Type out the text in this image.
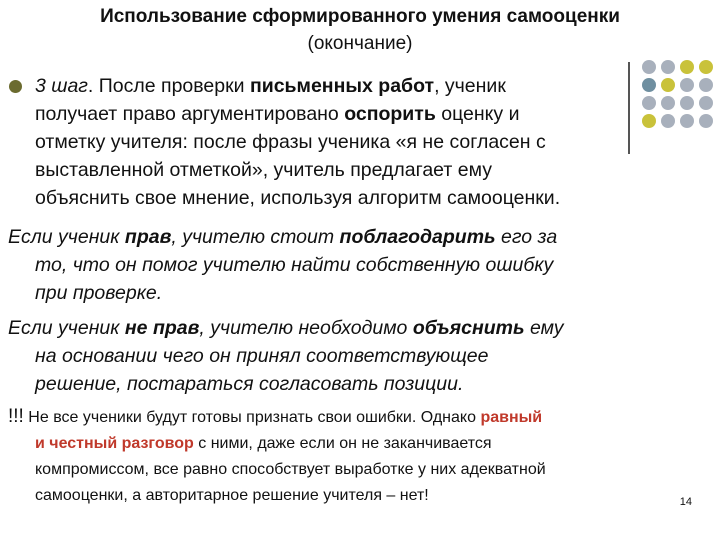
Использование сформированного умения самооценки
(окончание)

3 шаг. После проверки письменных работ, ученик
получает право аргументировано оспорить оценку и
отметку учителя: после фразы ученика «я не согласен с
выставленной отметкой», учитель предлагает ему
объяснить свое мнение, используя алгоритм самооценки.

Если ученик прав, учителю стоит поблагодарить его за
то, что он помог учителю найти собственную ошибку
при проверке.

Если ученик не прав, учителю необходимо объяснить ему
на основании чего он принял соответствующее
решение, постараться согласовать позиции.

!!! Не все ученики будут готовы признать свои ошибки. Однако равный
и честный разговор с ними, даже если он не заканчивается
компромиссом, все равно способствует выработке у них адекватной
самооценки, а авторитарное решение учителя – нет!	14
